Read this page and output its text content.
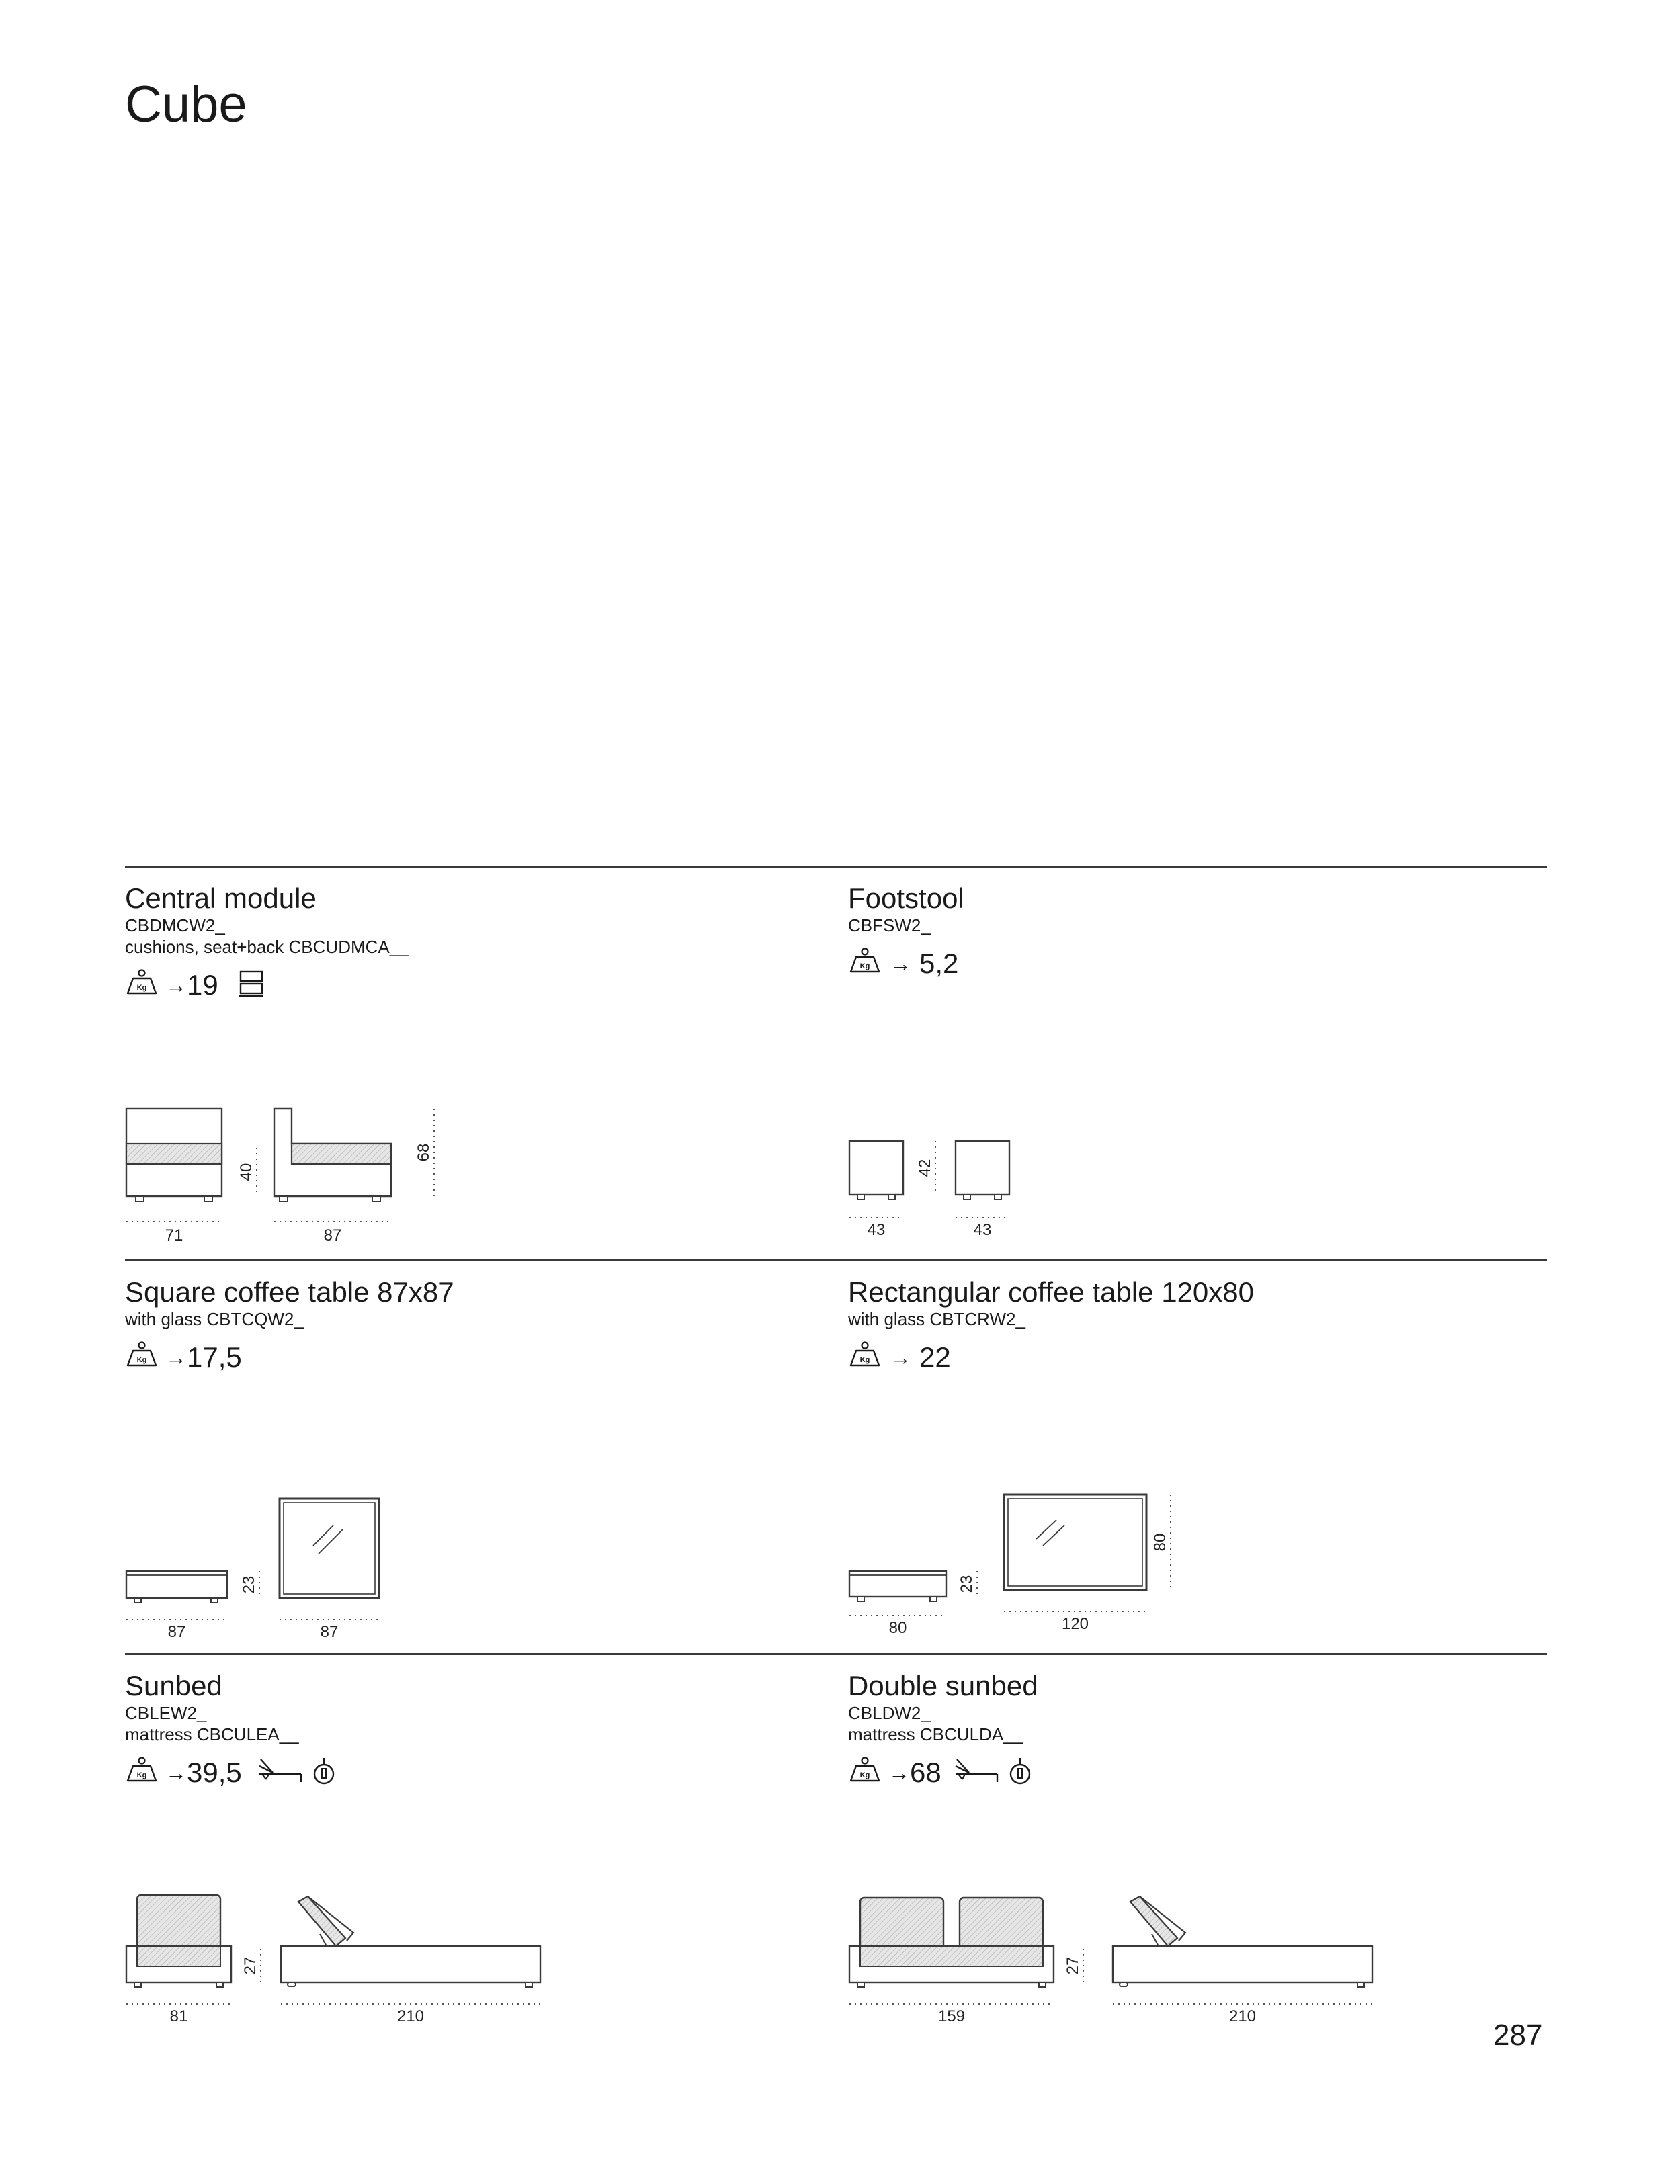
Cube
Central module
CBDMCW2_
cushions, seat+back CBCUDMCA__
→ 19
71
40
87
68
Footstool
CBFSW2_
→ 5,2
43
42
43
Square coffee table 87x87
with glass CBTCQW2_
→ 17,5
87
23
87
Rectangular coffee table 120x80
with glass CBTCRW2_
→ 22
80
23
120
80
Sunbed
CBLEW2_
mattress CBCULEA__
→ 39,5
81
27
210
Double sunbed
CBLDW2_
mattress CBCULDA__
→ 68
159
27
210
287
